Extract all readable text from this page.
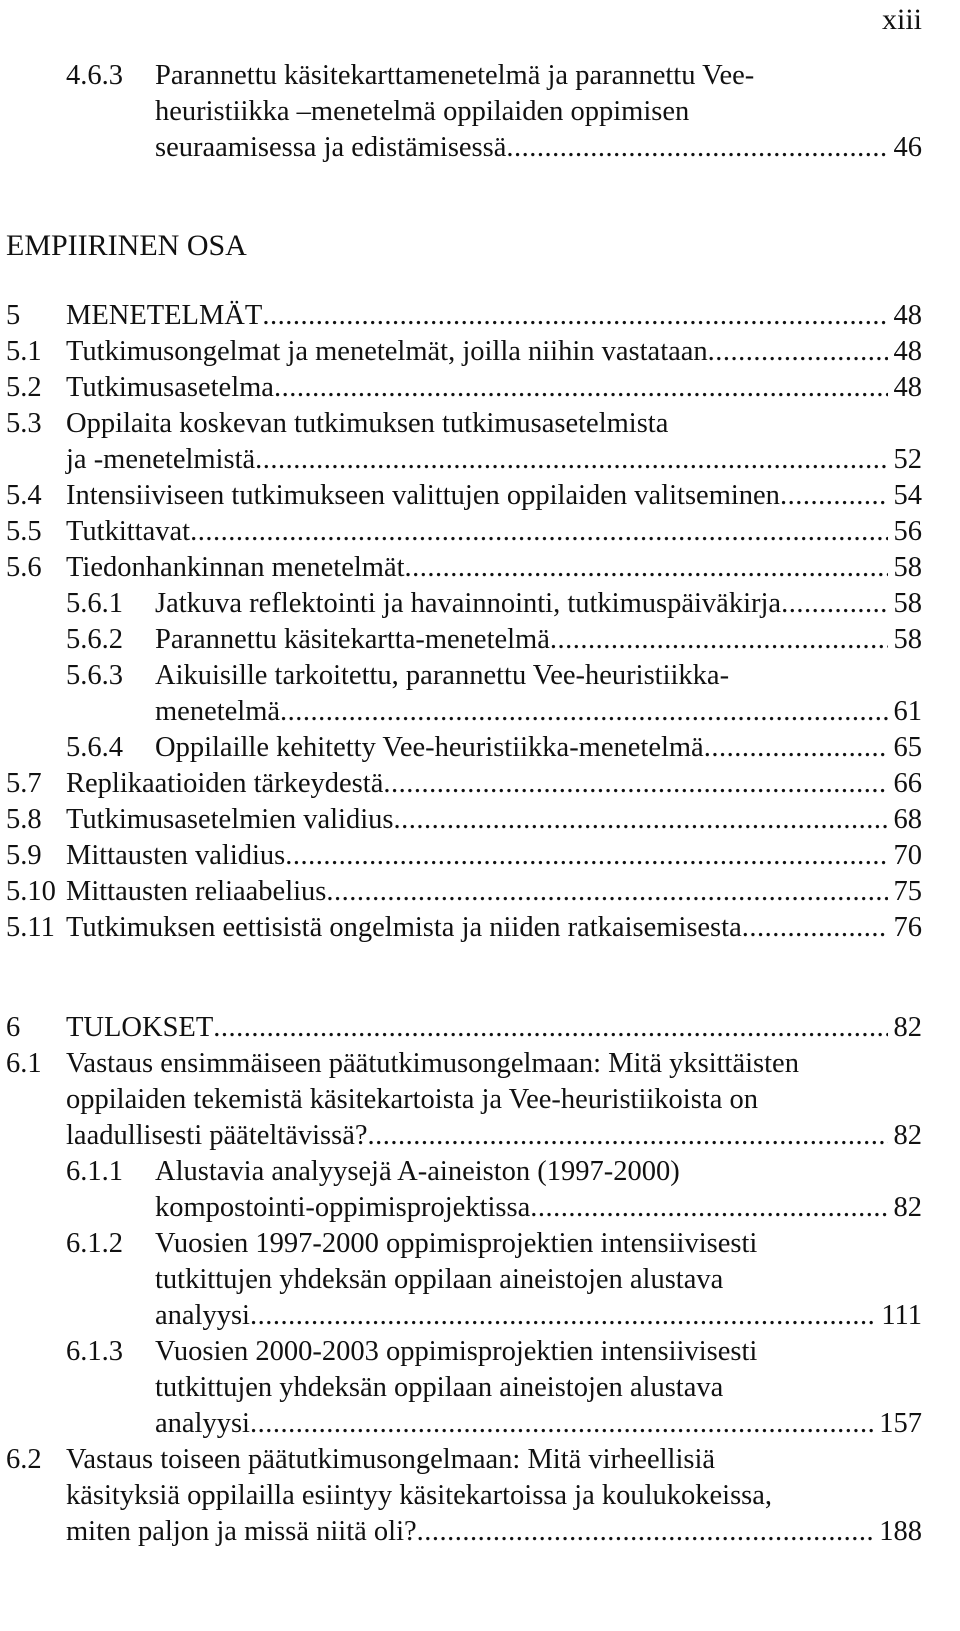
xiii
EMPIIRINEN OSA
4.6.3 Parannettu käsitekarttamenetelmä ja parannettu Vee-
heuristiikka –menetelmä oppilaiden oppimisen
seuraamisessa ja edistämisessä .....	46
5 MENETELMÄT .....	48
5.1 Tutkimusongelmat ja menetelmät, joilla niihin vastataan .....	48
5.2 Tutkimusasetelma .....	48
5.3 Oppilaita koskevan tutkimuksen tutkimusasetelmista
ja -menetelmistä .....	52
5.4 Intensiiviseen tutkimukseen valittujen oppilaiden valitseminen .....	54
5.5 Tutkittavat .....	56
5.6 Tiedonhankinnan menetelmät .....	58
5.6.1 Jatkuva reflektointi ja havainnointi, tutkimuspäiväkirja .....	58
5.6.2 Parannettu käsitekartta-menetelmä .....	58
5.6.3 Aikuisille tarkoitettu, parannettu Vee-heuristiikka-
menetelmä .....	61
5.6.4 Oppilaille kehitetty Vee-heuristiikka-menetelmä .....	65
5.7 Replikaatioiden tärkeydestä .....	66
5.8 Tutkimusasetelmien validius .....	68
5.9 Mittausten validius .....	70
5.10 Mittausten reliaabelius .....	75
5.11 Tutkimuksen eettisistä ongelmista ja niiden ratkaisemisesta .....	76
6 TULOKSET .....	82
6.1 Vastaus ensimmäiseen päätutkimusongelmaan: Mitä yksittäisten
oppilaiden tekemistä käsitekartoista ja Vee-heuristiikoista on
laadullisesti pääteltävissä? .....	82
6.1.1 Alustavia analyysejä A-aineiston (1997-2000)
kompostointi-oppimisprojektissa .....	82
6.1.2 Vuosien 1997-2000 oppimisprojektien intensiivisesti
tutkittujen yhdeksän oppilaan aineistojen alustava
analyysi .....	111
6.1.3 Vuosien 2000-2003 oppimisprojektien intensiivisesti
tutkittujen yhdeksän oppilaan aineistojen alustava
analyysi .....	157
6.2 Vastaus toiseen päätutkimusongelmaan: Mitä virheellisiä
käsityksiä oppilailla esiintyy käsitekartoissa ja koulukokeissa,
miten paljon ja missä niitä oli? .....	188
